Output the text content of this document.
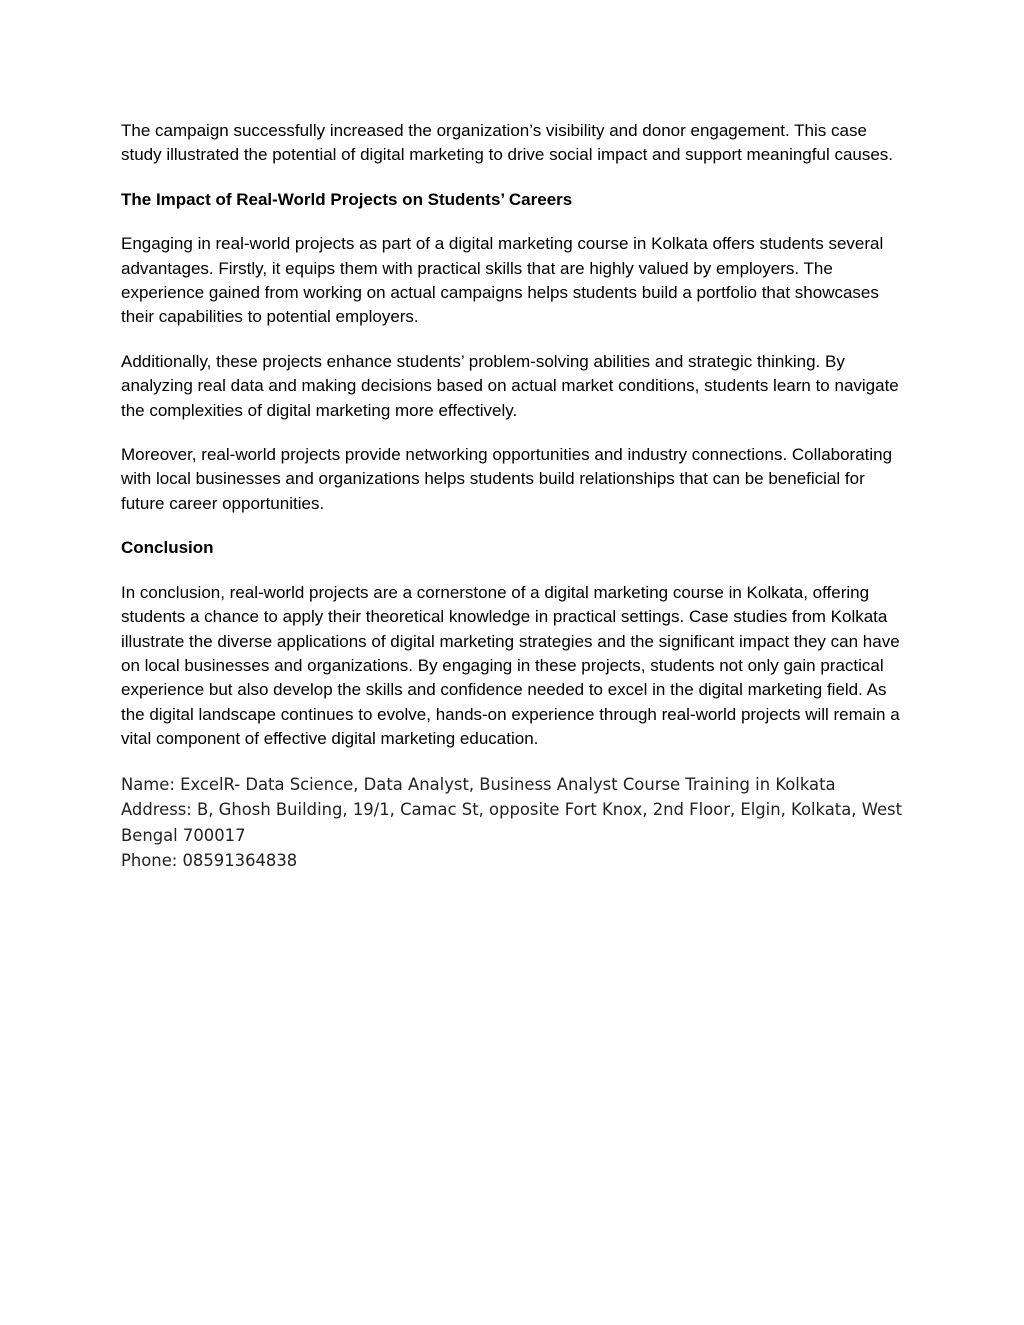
The campaign successfully increased the organization’s visibility and donor engagement. This case study illustrated the potential of digital marketing to drive social impact and support meaningful causes.

The Impact of Real-World Projects on Students’ Careers

Engaging in real-world projects as part of a digital marketing course in Kolkata offers students several advantages. Firstly, it equips them with practical skills that are highly valued by employers. The experience gained from working on actual campaigns helps students build a portfolio that showcases their capabilities to potential employers.

Additionally, these projects enhance students’ problem-solving abilities and strategic thinking. By analyzing real data and making decisions based on actual market conditions, students learn to navigate the complexities of digital marketing more effectively.

Moreover, real-world projects provide networking opportunities and industry connections. Collaborating with local businesses and organizations helps students build relationships that can be beneficial for future career opportunities.

Conclusion

In conclusion, real-world projects are a cornerstone of a digital marketing course in Kolkata, offering students a chance to apply their theoretical knowledge in practical settings. Case studies from Kolkata illustrate the diverse applications of digital marketing strategies and the significant impact they can have on local businesses and organizations. By engaging in these projects, students not only gain practical experience but also develop the skills and confidence needed to excel in the digital marketing field. As the digital landscape continues to evolve, hands-on experience through real-world projects will remain a vital component of effective digital marketing education.

Name: ExcelR- Data Science, Data Analyst, Business Analyst Course Training in Kolkata
Address: B, Ghosh Building, 19/1, Camac St, opposite Fort Knox, 2nd Floor, Elgin, Kolkata, West Bengal 700017
Phone: 08591364838
